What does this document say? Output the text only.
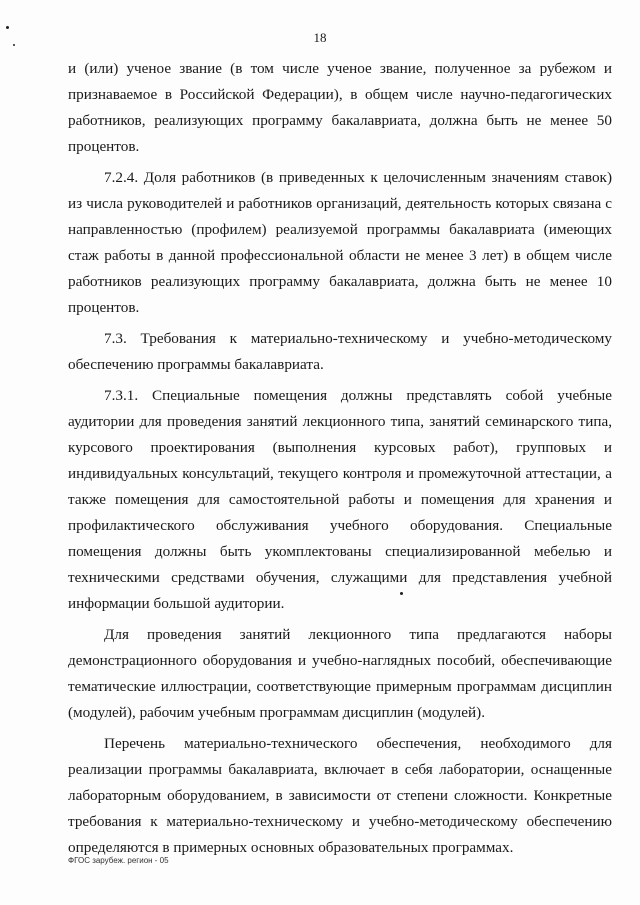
18

и (или) ученое звание (в том числе ученое звание, полученное за рубежом и признаваемое в Российской Федерации), в общем числе научно-педагогических работников, реализующих программу бакалавриата, должна быть не менее 50 процентов.

7.2.4. Доля работников (в приведенных к целочисленным значениям ставок) из числа руководителей и работников организаций, деятельность которых связана с направленностью (профилем) реализуемой программы бакалавриата (имеющих стаж работы в данной профессиональной области не менее 3 лет) в общем числе работников реализующих программу бакалавриата, должна быть не менее 10 процентов.

7.3. Требования к материально-техническому и учебно-методическому обеспечению программы бакалавриата.

7.3.1. Специальные помещения должны представлять собой учебные аудитории для проведения занятий лекционного типа, занятий семинарского типа, курсового проектирования (выполнения курсовых работ), групповых и индивидуальных консультаций, текущего контроля и промежуточной аттестации, а также помещения для самостоятельной работы и помещения для хранения и профилактического обслуживания учебного оборудования. Специальные помещения должны быть укомплектованы специализированной мебелью и техническими средствами обучения, служащими для представления учебной информации большой аудитории.

Для проведения занятий лекционного типа предлагаются наборы демонстрационного оборудования и учебно-наглядных пособий, обеспечивающие тематические иллюстрации, соответствующие примерным программам дисциплин (модулей), рабочим учебным программам дисциплин (модулей).

Перечень материально-технического обеспечения, необходимого для реализации программы бакалавриата, включает в себя лаборатории, оснащенные лабораторным оборудованием, в зависимости от степени сложности. Конкретные требования к материально-техническому и учебно-методическому обеспечению определяются в примерных основных образовательных программах.

ФГОС зарубеж. регион - 05
